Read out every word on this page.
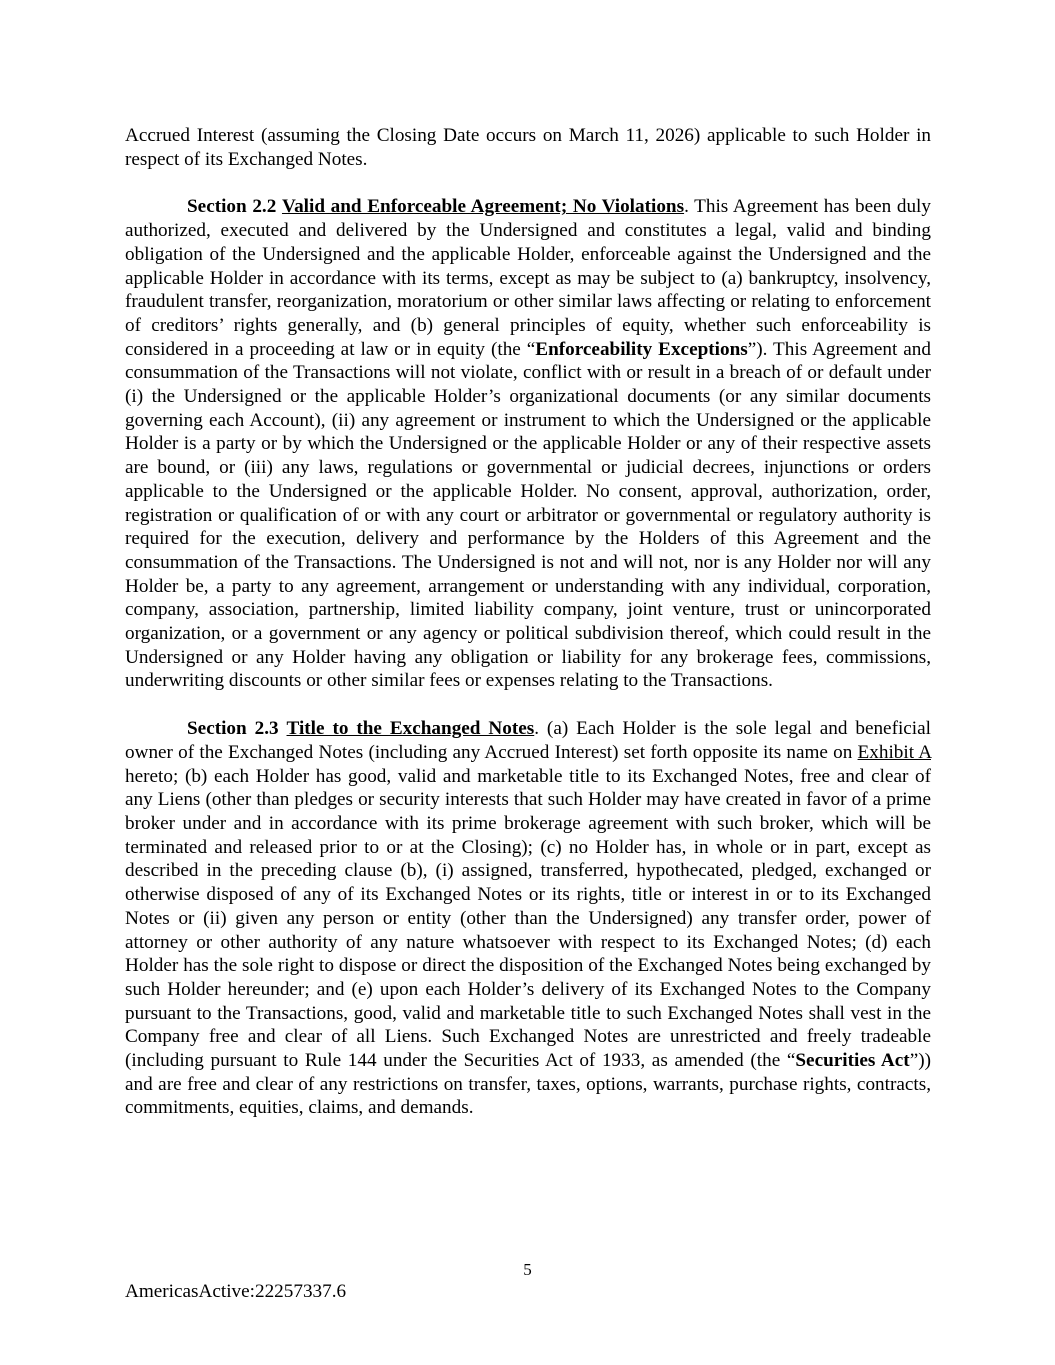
Accrued Interest (assuming the Closing Date occurs on March 11, 2026) applicable to such Holder in respect of its Exchanged Notes.

Section 2.2 Valid and Enforceable Agreement; No Violations. This Agreement has been duly authorized, executed and delivered by the Undersigned and constitutes a legal, valid and binding obligation of the Undersigned and the applicable Holder, enforceable against the Undersigned and the applicable Holder in accordance with its terms, except as may be subject to (a) bankruptcy, insolvency, fraudulent transfer, reorganization, moratorium or other similar laws affecting or relating to enforcement of creditors’ rights generally, and (b) general principles of equity, whether such enforceability is considered in a proceeding at law or in equity (the “Enforceability Exceptions”). This Agreement and consummation of the Transactions will not violate, conflict with or result in a breach of or default under (i) the Undersigned or the applicable Holder’s organizational documents (or any similar documents governing each Account), (ii) any agreement or instrument to which the Undersigned or the applicable Holder is a party or by which the Undersigned or the applicable Holder or any of their respective assets are bound, or (iii) any laws, regulations or governmental or judicial decrees, injunctions or orders applicable to the Undersigned or the applicable Holder. No consent, approval, authorization, order, registration or qualification of or with any court or arbitrator or governmental or regulatory authority is required for the execution, delivery and performance by the Holders of this Agreement and the consummation of the Transactions. The Undersigned is not and will not, nor is any Holder nor will any Holder be, a party to any agreement, arrangement or understanding with any individual, corporation, company, association, partnership, limited liability company, joint venture, trust or unincorporated organization, or a government or any agency or political subdivision thereof, which could result in the Undersigned or any Holder having any obligation or liability for any brokerage fees, commissions, underwriting discounts or other similar fees or expenses relating to the Transactions.

Section 2.3 Title to the Exchanged Notes. (a) Each Holder is the sole legal and beneficial owner of the Exchanged Notes (including any Accrued Interest) set forth opposite its name on Exhibit A hereto; (b) each Holder has good, valid and marketable title to its Exchanged Notes, free and clear of any Liens (other than pledges or security interests that such Holder may have created in favor of a prime broker under and in accordance with its prime brokerage agreement with such broker, which will be terminated and released prior to or at the Closing); (c) no Holder has, in whole or in part, except as described in the preceding clause (b), (i) assigned, transferred, hypothecated, pledged, exchanged or otherwise disposed of any of its Exchanged Notes or its rights, title or interest in or to its Exchanged Notes or (ii) given any person or entity (other than the Undersigned) any transfer order, power of attorney or other authority of any nature whatsoever with respect to its Exchanged Notes; (d) each Holder has the sole right to dispose or direct the disposition of the Exchanged Notes being exchanged by such Holder hereunder; and (e) upon each Holder’s delivery of its Exchanged Notes to the Company pursuant to the Transactions, good, valid and marketable title to such Exchanged Notes shall vest in the Company free and clear of all Liens. Such Exchanged Notes are unrestricted and freely tradeable (including pursuant to Rule 144 under the Securities Act of 1933, as amended (the “Securities Act”)) and are free and clear of any restrictions on transfer, taxes, options, warrants, purchase rights, contracts, commitments, equities, claims, and demands.

5
AmericasActive:22257337.6
